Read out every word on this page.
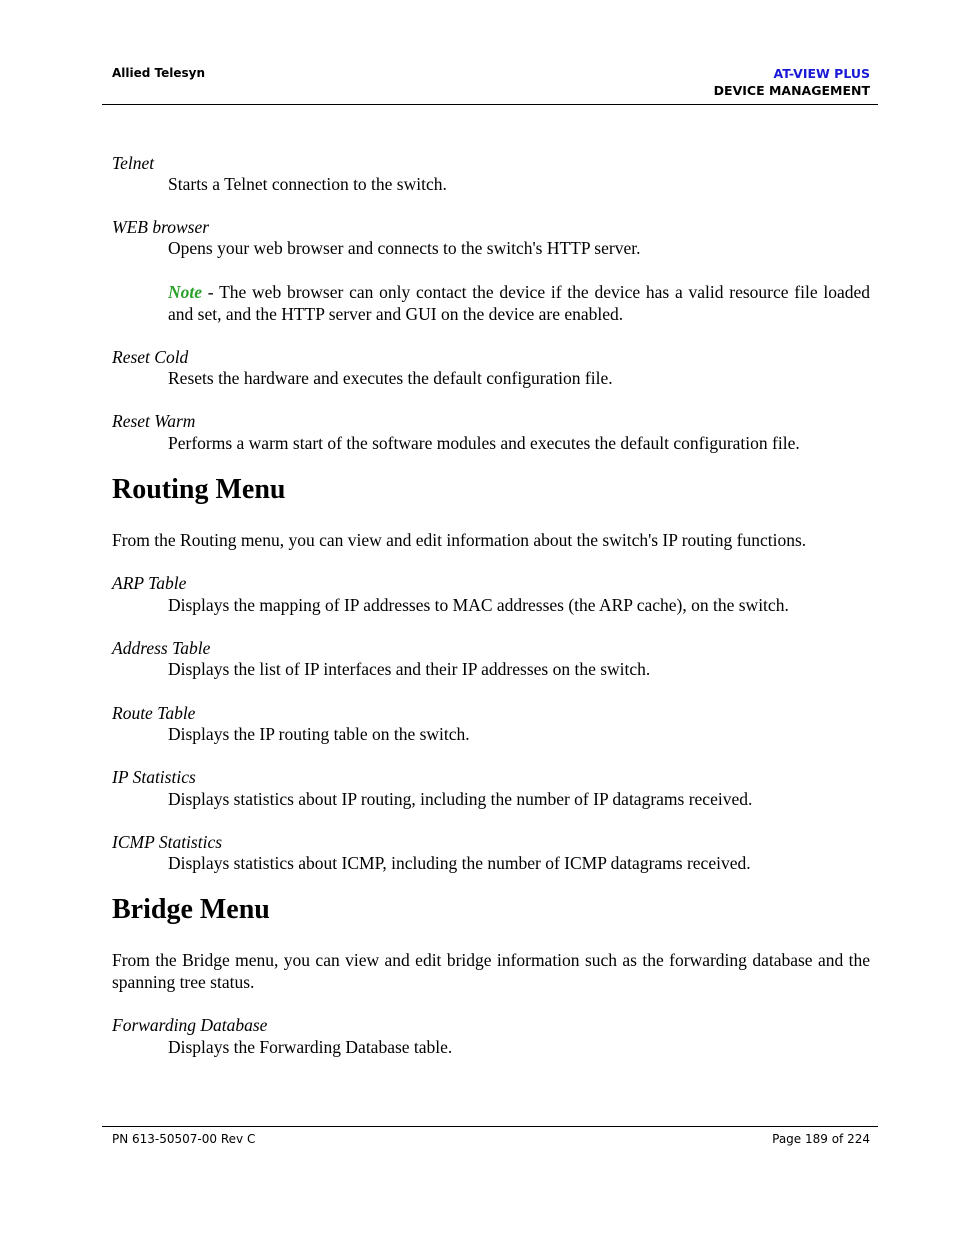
Allied Telesyn	AT-VIEW PLUS
DEVICE MANAGEMENT
Telnet
Starts a Telnet connection to the switch.
WEB browser
Opens your web browser and connects to the switch's HTTP server.
Note - The web browser can only contact the device if the device has a valid resource file loaded and set, and the HTTP server and GUI on the device are enabled.
Reset Cold
Resets the hardware and executes the default configuration file.
Reset Warm
Performs a warm start of the software modules and executes the default configuration file.
Routing Menu
From the Routing menu, you can view and edit information about the switch's IP routing functions.
ARP Table
Displays the mapping of IP addresses to MAC addresses (the ARP cache), on the switch.
Address Table
Displays the list of IP interfaces and their IP addresses on the switch.
Route Table
Displays the IP routing table on the switch.
IP Statistics
Displays statistics about IP routing, including the number of IP datagrams received.
ICMP Statistics
Displays statistics about ICMP, including the number of ICMP datagrams received.
Bridge Menu
From the Bridge menu, you can view and edit bridge information such as the forwarding database and the spanning tree status.
Forwarding Database
Displays the Forwarding Database table.
PN 613-50507-00 Rev C	Page 189 of 224
